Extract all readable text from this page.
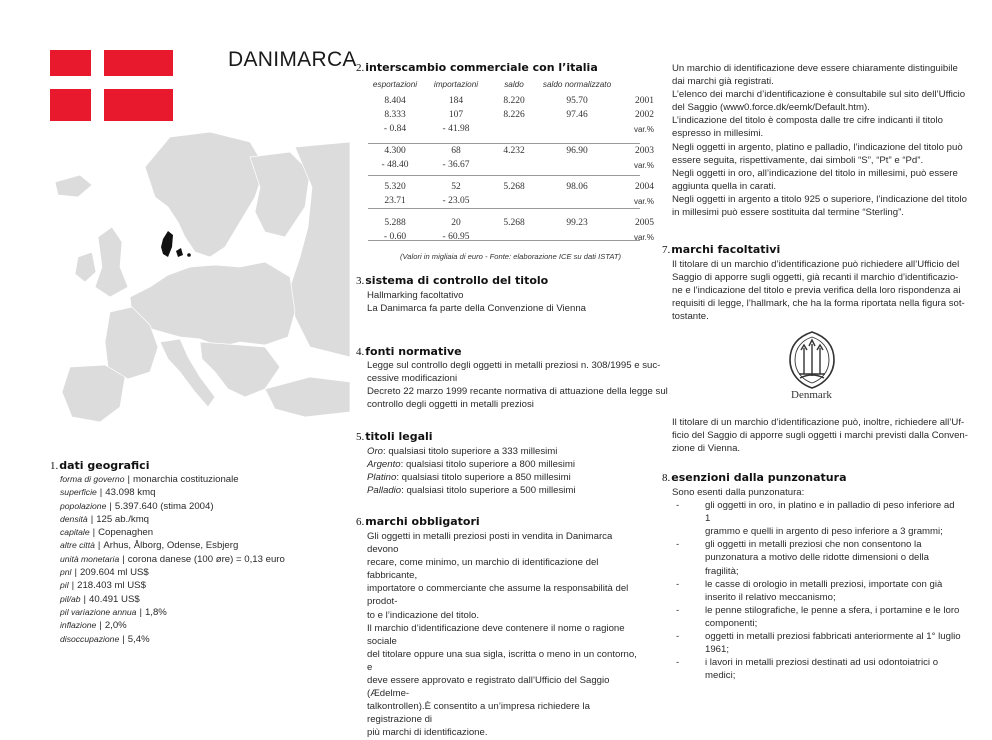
DANIMARCA 2.interscambio commerciale con l’italia
esportazioni	importazioni	saldo	saldo normalizzato	
8.404	184	8.220	95.70	2001
8.333	107	8.226	97.46	2002
- 0.84	- 41.98			var.%
4.300	68	4.232	96.90	2003
- 48.40	- 36.67			var.%
5.320	52	5.268	98.06	2004
23.71	- 23.05			var.%
5.288	20	5.268	99.23	2005
- 0.60	- 60.95			var.%
(Valori in migliaia di euro - Fonte: elaborazione ICE su dati ISTAT)
3.sistema di controllo del titolo
Hallmarking facoltativo
La Danimarca fa parte della Convenzione di Vienna
4.fonti normative
Legge sul controllo degli oggetti in metalli preziosi n. 308/1995 e suc-
cessive modificazioni
Decreto 22 marzo 1999 recante normativa di attuazione della legge sul
controllo degli oggetti in metalli preziosi
5.titoli legali
Oro: qualsiasi titolo superiore a 333 millesimi
Argento: qualsiasi titolo superiore a 800 millesimi
Platino: qualsiasi titolo superiore a 850 millesimi
Palladio: qualsiasi titolo superiore a 500 millesimi
6.marchi obbligatori
Gli oggetti in metalli preziosi posti in vendita in Danimarca devono
recare, come minimo, un marchio di identificazione del fabbricante,
importatore o commerciante che assume la responsabilità del prodot-
to e l’indicazione del titolo.
Il marchio d’identificazione deve contenere il nome o ragione sociale
del titolare oppure una sua sigla, iscritta o meno in un contorno, e
deve essere approvato e registrato dall’Ufficio del Saggio (Ædelme-
talkontrollen).È consentito a un’impresa richiedere la registrazione di
più marchi di identificazione.
1.dati geografici
forma di governo | monarchia costituzionale
superficie | 43.098 kmq
popolazione | 5.397.640 (stima 2004)
densità | 125 ab./kmq
capitale | Copenaghen
altre città | Arhus, Ålborg, Odense, Esbjerg
unità monetaria | corona danese (100 øre) = 0,13 euro
pnl | 209.604 ml US$
pil | 218.403 ml US$
pil/ab | 40.491 US$
pil variazione annua | 1,8%
inflazione | 2,0%
disoccupazione | 5,4%
Un marchio di identificazione deve essere chiaramente distinguibile
dai marchi già registrati.
L’elenco dei marchi d’identificazione è consultabile sul sito dell’Ufficio
del Saggio (www0.force.dk/eemk/Default.htm).
L’indicazione del titolo è composta dalle tre cifre indicanti il titolo
espresso in millesimi.
Negli oggetti in argento, platino e palladio, l’indicazione del titolo può
essere seguita, rispettivamente, dai simboli “S”, “Pt” e “Pd”.
Negli oggetti in oro, all’indicazione del titolo in millesimi, può essere
aggiunta quella in carati.
Negli oggetti in argento a titolo 925 o superiore, l’indicazione del titolo
in millesimi può essere sostituita dal termine “Sterling”.
7.marchi facoltativi
Il titolare di un marchio d’identificazione può richiedere all’Ufficio del
Saggio di apporre sugli oggetti, già recanti il marchio d’identificazio-
ne e l’indicazione del titolo e previa verifica della loro rispondenza ai
requisiti di legge, l’hallmark, che ha la forma riportata nella figura sot-
tostante.
Denmark
Il titolare di un marchio d’identificazione può, inoltre, richiedere all’Uf-
ficio del Saggio di apporre sugli oggetti i marchi previsti dalla Conven-
zione di Vienna.
8.esenzioni dalla punzonatura
Sono esenti dalla punzonatura:
-	gli oggetti in oro, in platino e in palladio di peso inferiore ad 1
grammo e quelli in argento di peso inferiore a 3 grammi;
-	gli oggetti in metalli preziosi che non consentono la
punzonatura a motivo delle ridotte dimensioni o della fragilità;
-	le casse di orologio in metalli preziosi, importate con già
inserito il relativo meccanismo;
-	le penne stilografiche, le penne a sfera, i portamine e le loro
componenti;
-	oggetti in metalli preziosi fabbricati anteriormente al 1° luglio
1961;
-	i lavori in metalli preziosi destinati ad usi odontoiatrici o medici;
